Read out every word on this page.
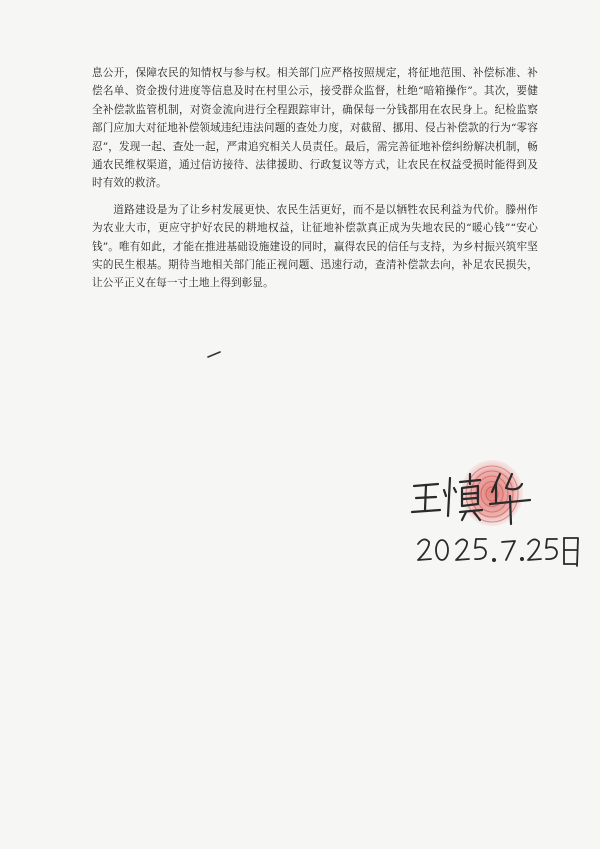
息公开，保障农民的知情权与参与权。相关部门应严格按照规定，将征地范围、补偿标准、补偿名单、资金拨付进度等信息及时在村里公示，接受群众监督，杜绝“暗箱操作”。其次，要健全补偿款监管机制，对资金流向进行全程跟踪审计，确保每一分钱都用在农民身上。纪检监察部门应加大对征地补偿领域违纪违法问题的查处力度，对截留、挪用、侵占补偿款的行为“零容忍”，发现一起、查处一起，严肃追究相关人员责任。最后，需完善征地补偿纠纷解决机制，畅通农民维权渠道，通过信访接待、法律援助、行政复议等方式，让农民在权益受损时能得到及时有效的救济。

道路建设是为了让乡村发展更快、农民生活更好，而不是以牺牲农民利益为代价。滕州作为农业大市，更应守护好农民的耕地权益，让征地补偿款真正成为失地农民的“暖心钱”“安心钱”。唯有如此，才能在推进基础设施建设的同时，赢得农民的信任与支持，为乡村振兴筑牢坚实的民生根基。期待当地相关部门能正视问题、迅速行动，查清补偿款去向，补足农民损失，让公平正义在每一寸土地上得到彰显。
